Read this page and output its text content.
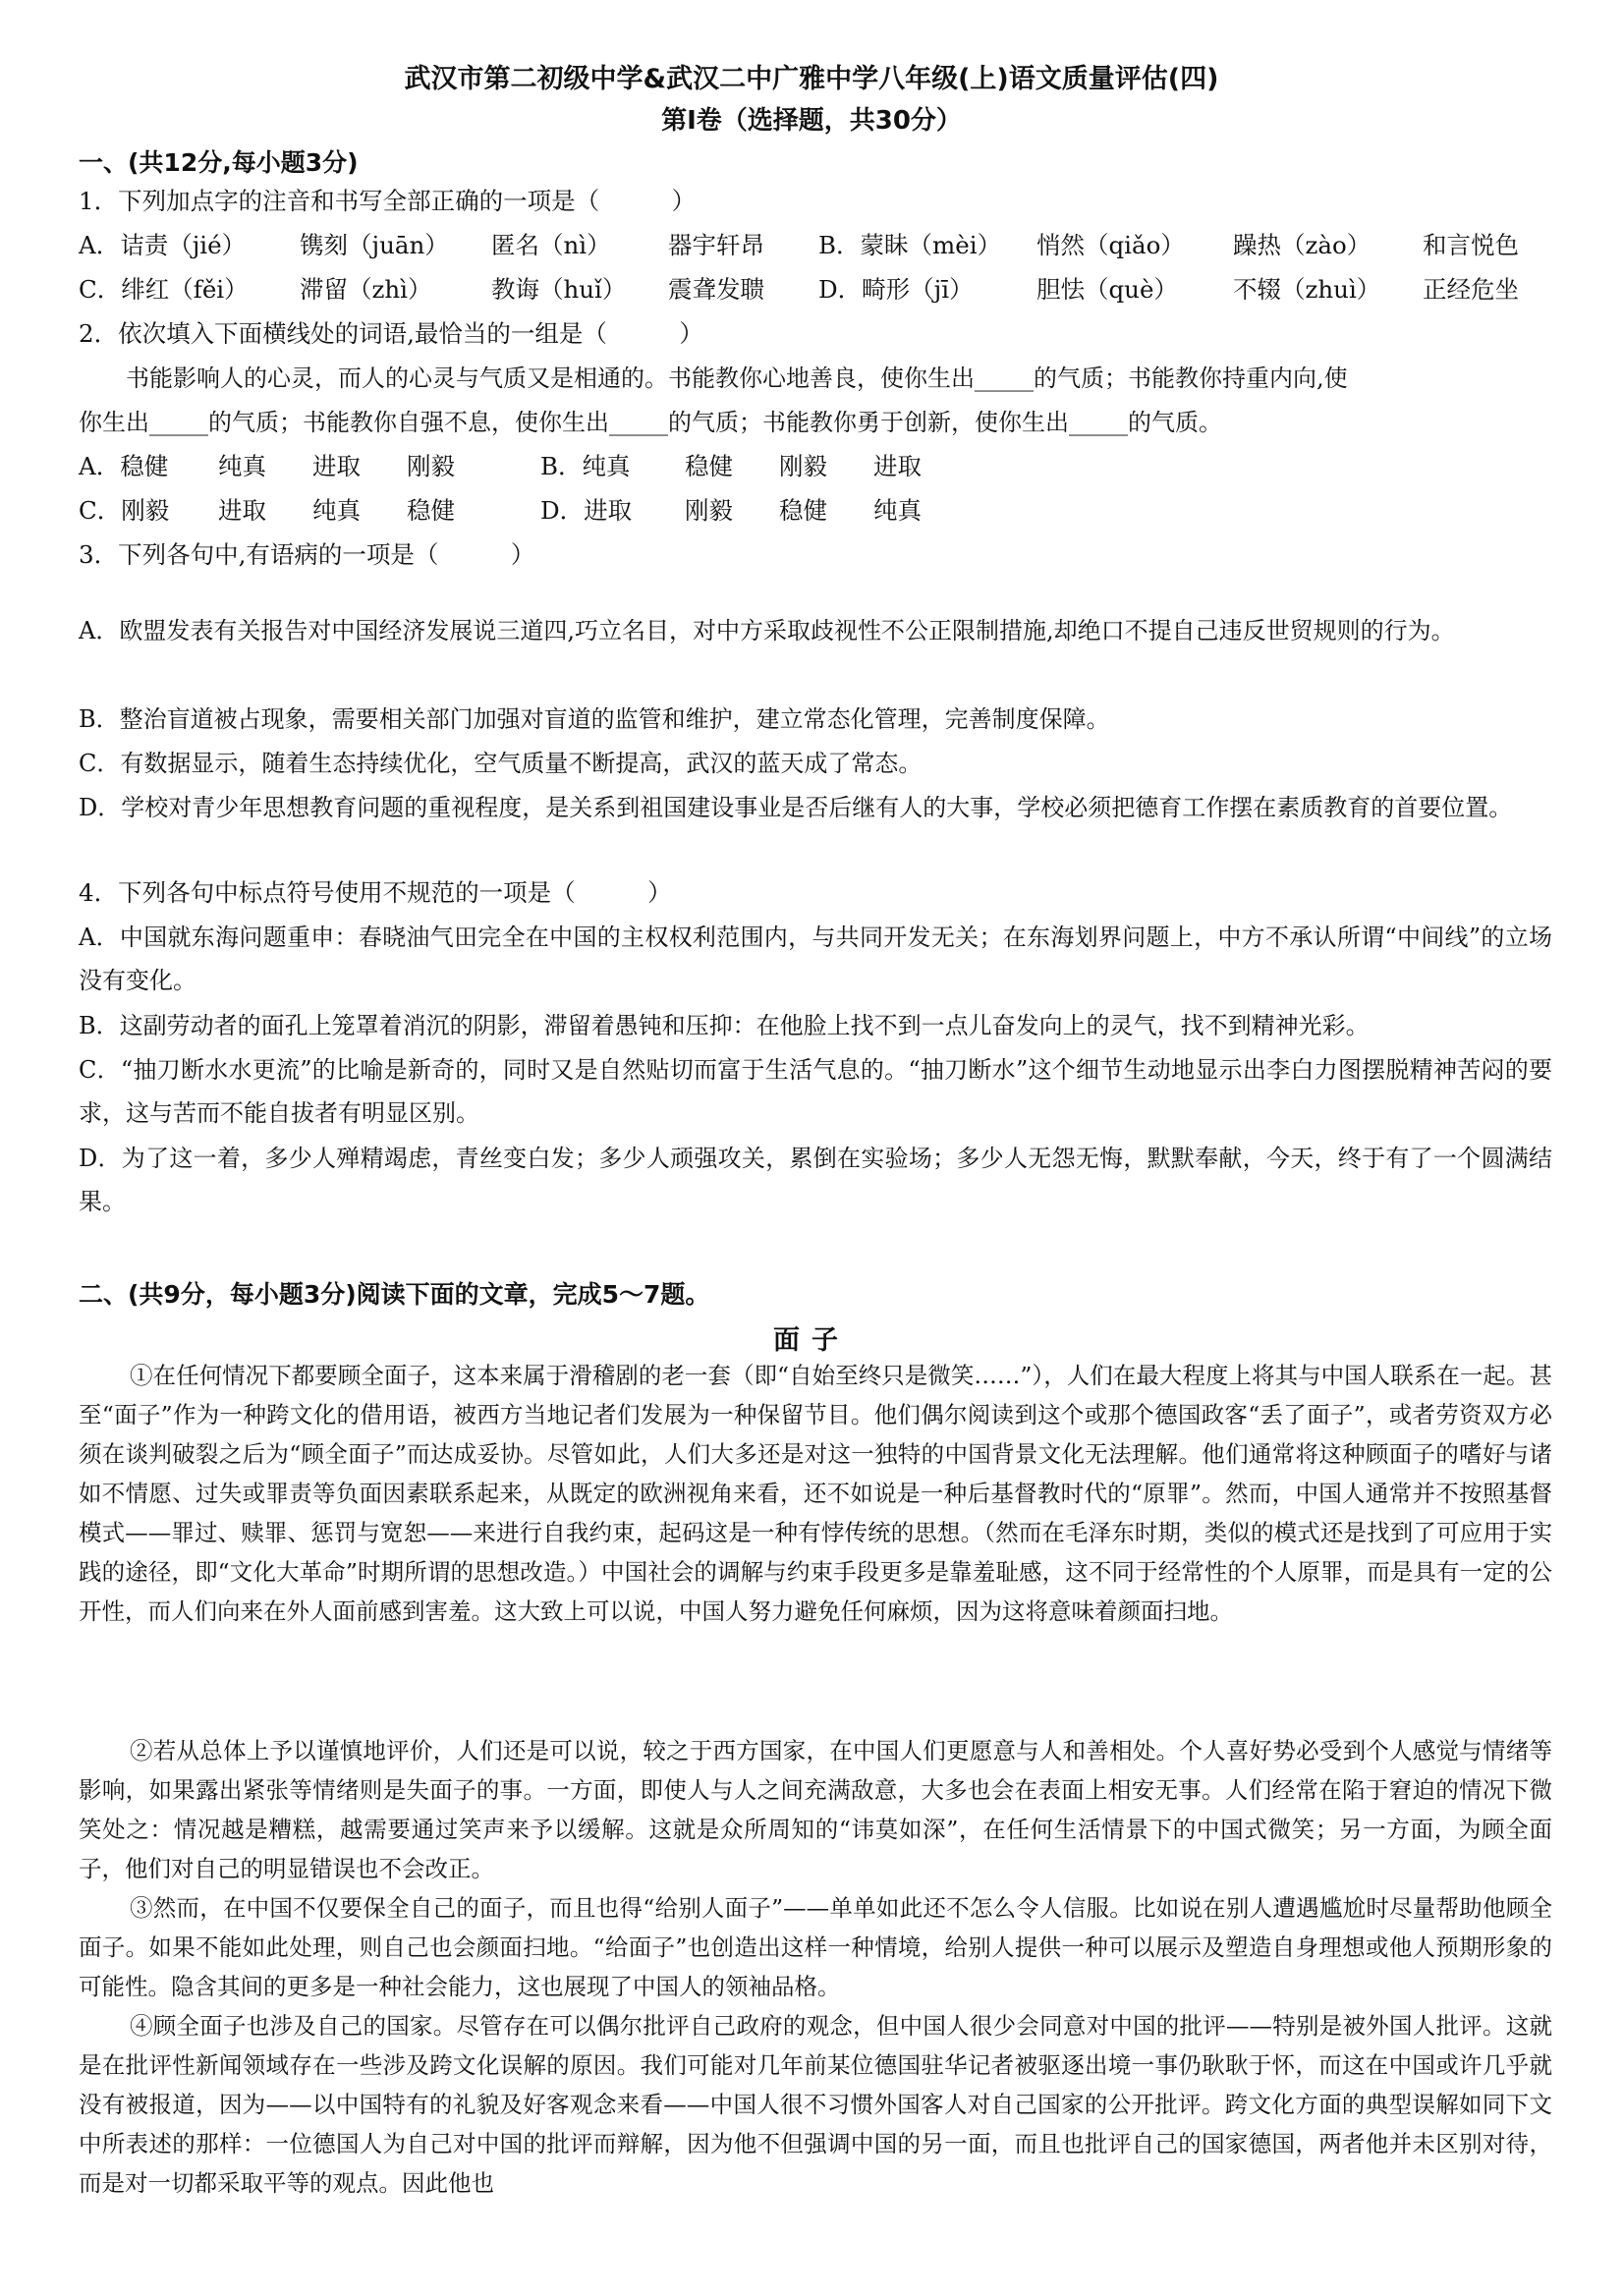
武汉市第二初级中学&武汉二中广雅中学八年级(上)语文质量评估(四)
第Ⅰ卷（选择题，共30分）
一、(共12分,每小题3分)
1．下列加点字的注音和书写全部正确的一项是（　　　）
A．诘责（jié） 镌刻（juān） 匿名（nì） 器宇轩昂 B．蒙眛（mèi） 悄然（qiǎo） 躁热（zào） 和言悦色
C．绯红（fěi） 滞留（zhì） 教诲（huǐ） 震聋发聩 D．畸形（jī）	胆怯（què） 不辍（zhuì） 正经危坐
2．依次填入下面横线处的词语,最恰当的一组是（　　　）
书能影响人的心灵，而人的心灵与气质又是相通的。书能教你心地善良，使你生出_____的气质；书能教你持重内向,使
你生出_____的气质；书能教你自强不息，使你生出_____的气质；书能教你勇于创新，使你生出_____的气质。
A．稳健 纯真 进取 刚毅	B．纯真 稳健 刚毅 进取
C．刚毅 进取 纯真 稳健	D．进取 刚毅 稳健 纯真
3．下列各句中,有语病的一项是（　　　）
A．欧盟发表有关报告对中国经济发展说三道四,巧立名目，对中方采取歧视性不公正限制措施,却绝口不提自己违反世贸规则的行为。
B．整治盲道被占现象，需要相关部门加强对盲道的监管和维护，建立常态化管理，完善制度保障。
C．有数据显示，随着生态持续优化，空气质量不断提高，武汉的蓝天成了常态。
D．学校对青少年思想教育问题的重视程度，是关系到祖国建设事业是否后继有人的大事，学校必须把德育工作摆在素质教育的首要位置。
4．下列各句中标点符号使用不规范的一项是（　　　）
A．中国就东海问题重申：春晓油气田完全在中国的主权权利范围内，与共同开发无关；在东海划界问题上，中方不承认所谓“中间线”的立场没有变化。
B．这副劳动者的面孔上笼罩着消沉的阴影，滞留着愚钝和压抑：在他脸上找不到一点儿奋发向上的灵气，找不到精神光彩。
C．“抽刀断水水更流”的比喻是新奇的，同时又是自然贴切而富于生活气息的。“抽刀断水”这个细节生动地显示出李白力图摆脱精神苦闷的要求，这与苦而不能自拔者有明显区别。
D．为了这一着，多少人殚精竭虑，青丝变白发；多少人顽强攻关，累倒在实验场；多少人无怨无悔，默默奉献，今天，终于有了一个圆满结果。
二、(共9分，每小题3分)阅读下面的文章，完成5～7题。
面子
①在任何情况下都要顾全面子，这本来属于滑稽剧的老一套（即“自始至终只是微笑……”），人们在最大程度上将其与中国人联系在一起。甚至“面子”作为一种跨文化的借用语，被西方当地记者们发展为一种保留节目。他们偶尔阅读到这个或那个德国政客“丢了面子”，或者劳资双方必须在谈判破裂之后为“顾全面子”而达成妥协。尽管如此，人们大多还是对这一独特的中国背景文化无法理解。他们通常将这种顾面子的嗜好与诸如不情愿、过失或罪责等负面因素联系起来，从既定的欧洲视角来看，还不如说是一种后基督教时代的“原罪”。然而，中国人通常并不按照基督模式——罪过、赎罪、惩罚与宽恕——来进行自我约束，起码这是一种有悖传统的思想。（然而在毛泽东时期，类似的模式还是找到了可应用于实践的途径，即“文化大革命”时期所谓的思想改造。）中国社会的调解与约束手段更多是靠羞耻感，这不同于经常性的个人原罪，而是具有一定的公开性，而人们向来在外人面前感到害羞。这大致上可以说，中国人努力避免任何麻烦，因为这将意味着颜面扫地。
②若从总体上予以谨慎地评价，人们还是可以说，较之于西方国家，在中国人们更愿意与人和善相处。个人喜好势必受到个人感觉与情绪等影响，如果露出紧张等情绪则是失面子的事。一方面，即使人与人之间充满敌意，大多也会在表面上相安无事。人们经常在陷于窘迫的情况下微笑处之：情况越是糟糕，越需要通过笑声来予以缓解。这就是众所周知的“讳莫如深”，在任何生活情景下的中国式微笑；另一方面，为顾全面子，他们对自己的明显错误也不会改正。
③然而，在中国不仅要保全自己的面子，而且也得“给别人面子”——单单如此还不怎么令人信服。比如说在别人遭遇尴尬时尽量帮助他顾全面子。如果不能如此处理，则自己也会颜面扫地。“给面子”也创造出这样一种情境，给别人提供一种可以展示及塑造自身理想或他人预期形象的可能性。隐含其间的更多是一种社会能力，这也展现了中国人的领袖品格。
④顾全面子也涉及自己的国家。尽管存在可以偶尔批评自己政府的观念，但中国人很少会同意对中国的批评——特别是被外国人批评。这就是在批评性新闻领域存在一些涉及跨文化误解的原因。我们可能对几年前某位德国驻华记者被驱逐出境一事仍耿耿于怀，而这在中国或许几乎就没有被报道，因为——以中国特有的礼貌及好客观念来看——中国人很不习惯外国客人对自己国家的公开批评。跨文化方面的典型误解如同下文中所表述的那样：一位德国人为自己对中国的批评而辩解，因为他不但强调中国的另一面，而且也批评自己的国家德国，两者他并未区别对待，而是对一切都采取平等的观点。因此他也
